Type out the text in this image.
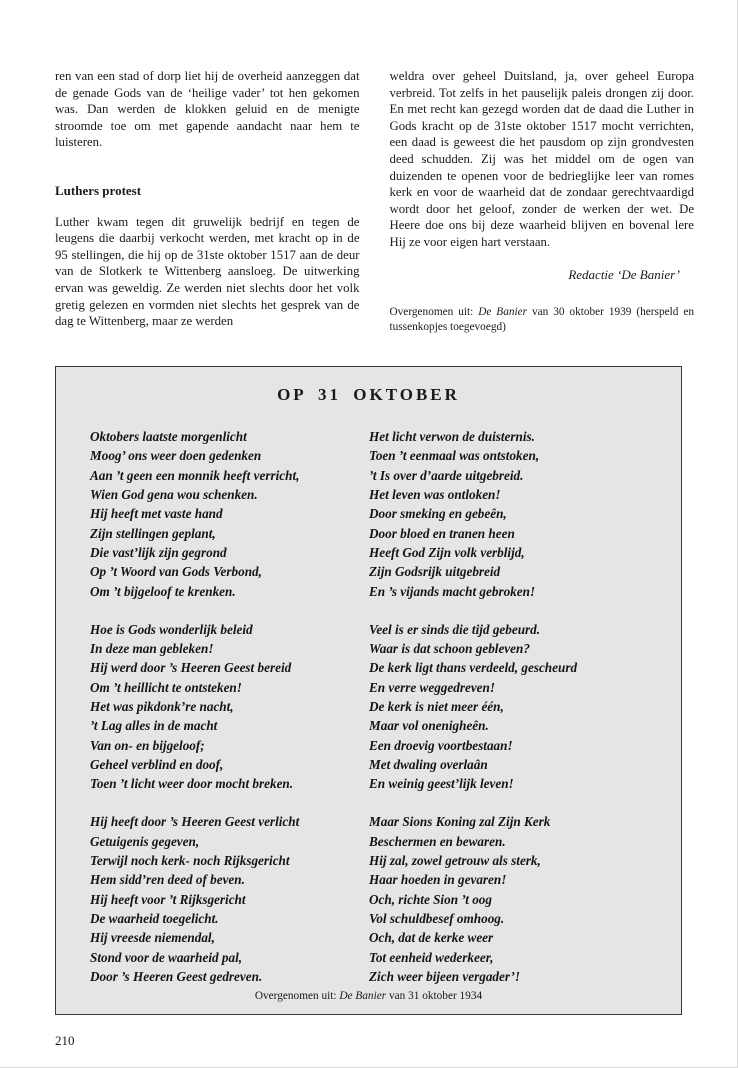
ren van een stad of dorp liet hij de overheid aanzeggen dat de genade Gods van de ‘heilige vader’ tot hen gekomen was. Dan werden de klokken geluid en de menigte stroomde toe om met gapende aandacht naar hem te luisteren.

Luthers protest

Luther kwam tegen dit gruwelijk bedrijf en tegen de leugens die daarbij verkocht werden, met kracht op in de 95 stellingen, die hij op de 31ste oktober 1517 aan de deur van de Slotkerk te Wittenberg aansloeg. De uitwerking ervan was geweldig. Ze werden niet slechts door het volk gretig gelezen en vormden niet slechts het gesprek van de dag te Wittenberg, maar ze werden

weldra over geheel Duitsland, ja, over geheel Europa verbreid. Tot zelfs in het pauselijk paleis drongen zij door. En met recht kan gezegd worden dat de daad die Luther in Gods kracht op de 31ste oktober 1517 mocht verrichten, een daad is geweest die het pausdom op zijn grondvesten deed schudden. Zij was het middel om de ogen van duizenden te openen voor de bedrieglijke leer van romes kerk en voor de waarheid dat de zondaar gerechtvaardigd wordt door het geloof, zonder de werken der wet. De Heere doe ons bij deze waarheid blijven en bovenal lere Hij ze voor eigen hart verstaan.

Redactie ‘De Banier’

Overgenomen uit: De Banier van 30 oktober 1939 (herspeld en tussenkopjes toegevoegd)

OP 31 OKTOBER
Oktobers laatste morgenlicht
Moog’ ons weer doen gedenken
Aan ’t geen een monnik heeft verricht,
Wien God gena wou schenken.
Hij heeft met vaste hand
Zijn stellingen geplant,
Die vast’lijk zijn gegrond
Op ’t Woord van Gods Verbond,
Om ’t bijgeloof te krenken.
Hoe is Gods wonderlijk beleid
In deze man gebleken!
Hij werd door ’s Heeren Geest bereid
Om ’t heillicht te ontsteken!
Het was pikdonk’re nacht,
’t Lag alles in de macht
Van on- en bijgeloof;
Geheel verblind en doof,
Toen ’t licht weer door mocht breken.
Hij heeft door ’s Heeren Geest verlicht
Getuigenis gegeven,
Terwijl noch kerk- noch Rijksgericht
Hem sidd’ren deed of beven.
Hij heeft voor ’t Rijksgericht
De waarheid toegelicht.
Hij vreesde niemendal,
Stond voor de waarheid pal,
Door ’s Heeren Geest gedreven.
Het licht verwon de duisternis.
Toen ’t eenmaal was ontstoken,
’t Is over d’aarde uitgebreid.
Het leven was ontloken!
Door smeking en gebeên,
Door bloed en tranen heen
Heeft God Zijn volk verblijd,
Zijn Godsrijk uitgebreid
En ’s vijands macht gebroken!
Veel is er sinds die tijd gebeurd.
Waar is dat schoon gebleven?
De kerk ligt thans verdeeld, gescheurd
En verre weggedreven!
De kerk is niet meer één,
Maar vol onenigheên.
Een droevig voortbestaan!
Met dwaling overlaân
En weinig geest’lijk leven!
Maar Sions Koning zal Zijn Kerk
Beschermen en bewaren.
Hij zal, zowel getrouw als sterk,
Haar hoeden in gevaren!
Och, richte Sion ’t oog
Vol schuldbesef omhoog.
Och, dat de kerke weer
Tot eenheid wederkeer,
Zich weer bijeen vergader’!

Overgenomen uit: De Banier van 31 oktober 1934

210
